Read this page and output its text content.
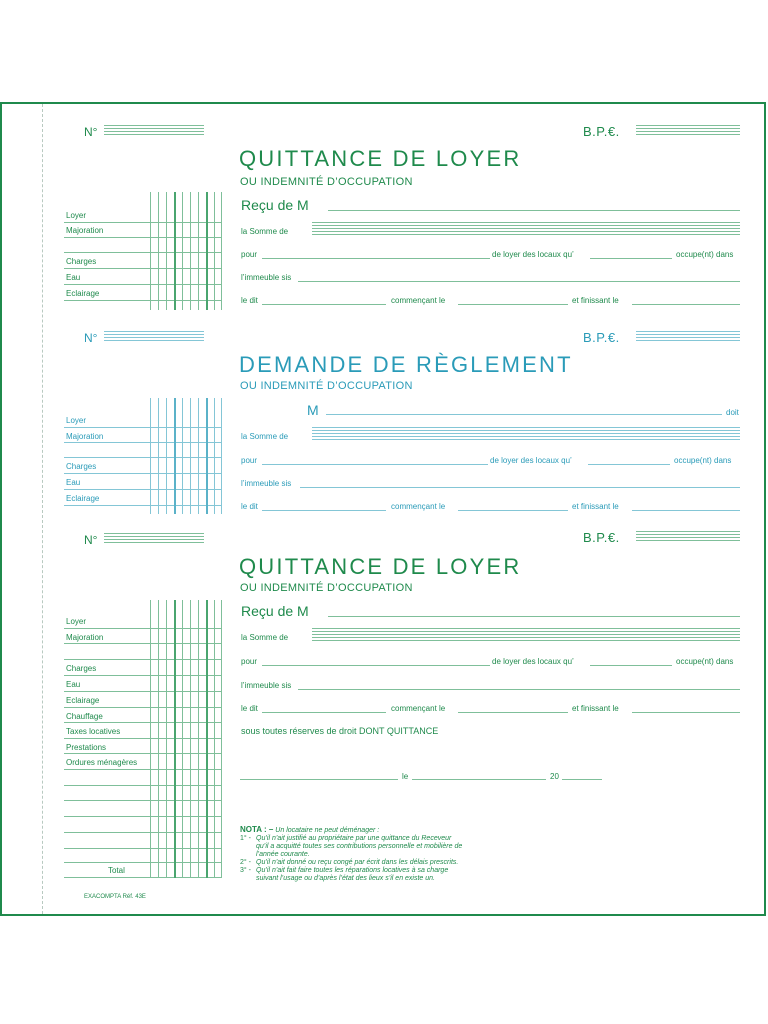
N°	B.P.€.
QUITTANCE DE LOYER
OU INDEMNITÉ D’OCCUPATION
Reçu de M
la Somme de
pour	de loyer des locaux qu’	occupe(nt) dans
l’immeuble sis
le dit	commençant le	et finissant le
Loyer
Majoration
Charges
Eau
Eclairage
N°	B.P.€.
DEMANDE DE RÈGLEMENT
OU INDEMNITÉ D’OCCUPATION
M	doit
la Somme de
pour	de loyer des locaux qu’	occupe(nt) dans
l’immeuble sis
le dit	commençant le	et finissant le
Loyer
Majoration
Charges
Eau
Eclairage
N°	B.P.€.
QUITTANCE DE LOYER
OU INDEMNITÉ D’OCCUPATION
Reçu de M
la Somme de
pour	de loyer des locaux qu’	occupe(nt) dans
l’immeuble sis
le dit	commençant le	et finissant le
sous toutes réserves de droit DONT QUITTANCE
le	20
NOTA : – Un locataire ne peut déménager :
1° - Qu’il n’ait justifié au propriétaire par une quittance du Receveur
qu’il a acquitté toutes ses contributions personnelle et mobilière de
l’année courante.
2° - Qu’il n’ait donné ou reçu congé par écrit dans les délais prescrits.
3° - Qu’il n’ait fait faire toutes les réparations locatives à sa charge
suivant l’usage ou d’après l’état des lieux s’il en existe un.
Loyer
Majoration
Charges
Eau
Eclairage
Chauffage
Taxes locatives
Prestations
Ordures ménagères
Total
EXACOMPTA Réf. 43E
